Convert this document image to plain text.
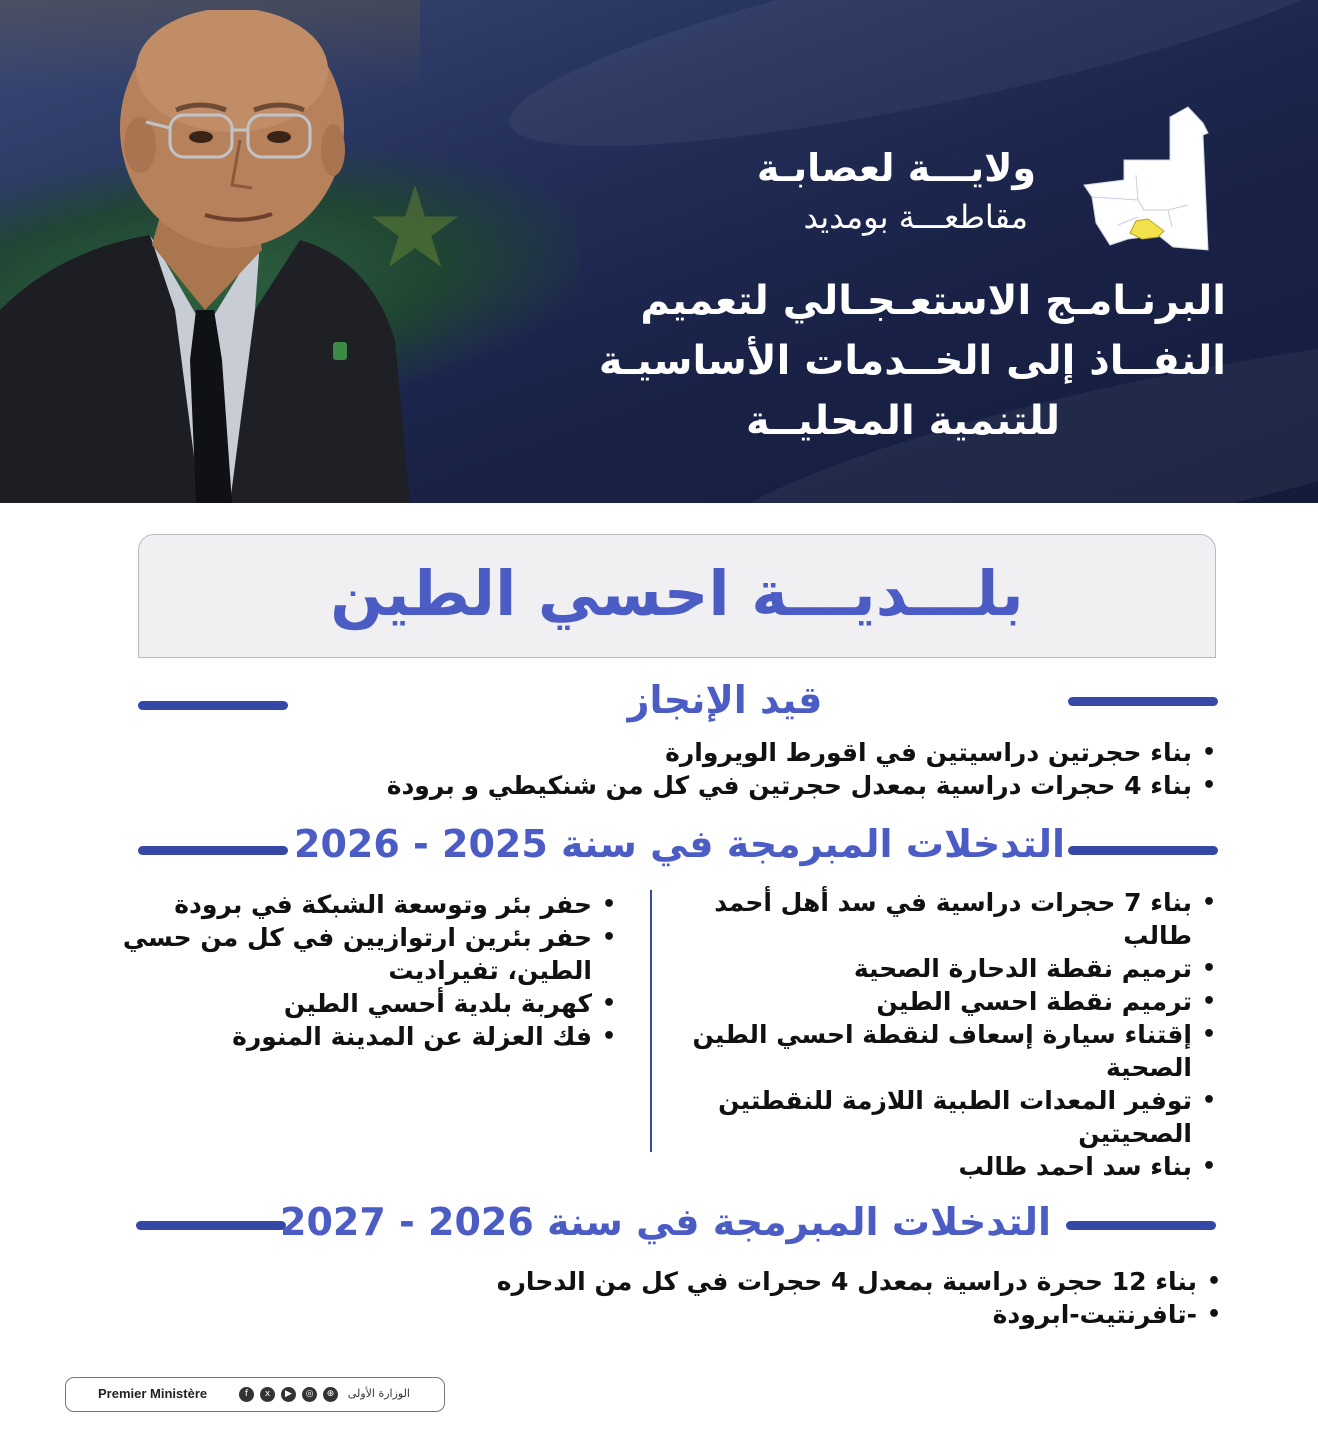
ولايـــة لعصابـة
مقاطعـــة بومديد
البرنـامـج الاستعـجـالي لتعميم
النفــاذ إلى الخــدمات الأساسيـة
للتنمية المحليــة
بلـــديـــة احسي الطين
قيد الإنجاز
• بناء حجرتين دراسيتين في اقورط الويروارة
• بناء 4 حجرات دراسية بمعدل حجرتين في كل من شنكيطي و برودة
التدخلات المبرمجة في سنة 2025 - 2026
• بناء 7 حجرات دراسية في سد أهل أحمد طالب
• ترميم نقطة الدحارة الصحية
• ترميم نقطة احسي الطين
• إقتناء سيارة إسعاف لنقطة احسي الطين الصحية
• توفير المعدات الطبية اللازمة للنقطتين الصحيتين
• بناء سد احمد طالب
• حفر بئر وتوسعة الشبكة في برودة
• حفر بئرين ارتوازيين في كل من حسي الطين، تفيراديت
• كهربة بلدية أحسي الطين
• فك العزلة عن المدينة المنورة
التدخلات المبرمجة في سنة 2026 - 2027
• بناء 12 حجرة دراسية بمعدل 4 حجرات في كل من الدحاره
• -تافرنتيت-ابرودة
Premier Ministère	f	x	▶	◎	⊕	الوزارة الأولى
